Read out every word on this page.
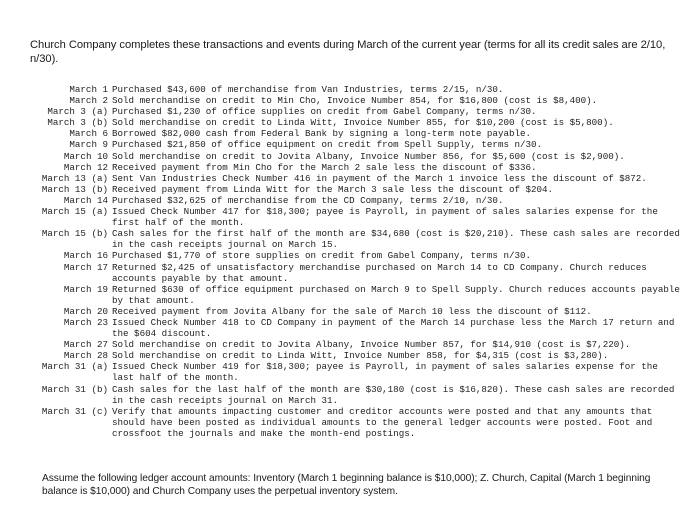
Church Company completes these transactions and events during March of the current year (terms for all its credit sales are 2/10, n/30).

March 1 Purchased $43,600 of merchandise from Van Industries, terms 2/15, n/30.
March 2 Sold merchandise on credit to Min Cho, Invoice Number 854, for $16,800 (cost is $8,400).
March 3 (a) Purchased $1,230 of office supplies on credit from Gabel Company, terms n/30.
March 3 (b) Sold merchandise on credit to Linda Witt, Invoice Number 855, for $10,200 (cost is $5,800).
March 6 Borrowed $82,000 cash from Federal Bank by signing a long-term note payable.
March 9 Purchased $21,850 of office equipment on credit from Spell Supply, terms n/30.
March 10 Sold merchandise on credit to Jovita Albany, Invoice Number 856, for $5,600 (cost is $2,900).
March 12 Received payment from Min Cho for the March 2 sale less the discount of $336.
March 13 (a) Sent Van Industries Check Number 416 in payment of the March 1 invoice less the discount of $872.
March 13 (b) Received payment from Linda Witt for the March 3 sale less the discount of $204.
March 14 Purchased $32,625 of merchandise from the CD Company, terms 2/10, n/30.
March 15 (a) Issued Check Number 417 for $18,300; payee is Payroll, in payment of sales salaries expense for the first half of the month.
March 15 (b) Cash sales for the first half of the month are $34,680 (cost is $20,210). These cash sales are recorded in the cash receipts journal on March 15.
March 16 Purchased $1,770 of store supplies on credit from Gabel Company, terms n/30.
March 17 Returned $2,425 of unsatisfactory merchandise purchased on March 14 to CD Company. Church reduces accounts payable by that amount.
March 19 Returned $630 of office equipment purchased on March 9 to Spell Supply. Church reduces accounts payable by that amount.
March 20 Received payment from Jovita Albany for the sale of March 10 less the discount of $112.
March 23 Issued Check Number 418 to CD Company in payment of the March 14 purchase less the March 17 return and the $604 discount.
March 27 Sold merchandise on credit to Jovita Albany, Invoice Number 857, for $14,910 (cost is $7,220).
March 28 Sold merchandise on credit to Linda Witt, Invoice Number 858, for $4,315 (cost is $3,280).
March 31 (a) Issued Check Number 419 for $18,300; payee is Payroll, in payment of sales salaries expense for the last half of the month.
March 31 (b) Cash sales for the last half of the month are $30,180 (cost is $16,820). These cash sales are recorded in the cash receipts journal on March 31.
March 31 (c) Verify that amounts impacting customer and creditor accounts were posted and that any amounts that should have been posted as individual amounts to the general ledger accounts were posted. Foot and crossfoot the journals and make the month-end postings.

Assume the following ledger account amounts: Inventory (March 1 beginning balance is $10,000); Z. Church, Capital (March 1 beginning balance is $10,000) and Church Company uses the perpetual inventory system.
